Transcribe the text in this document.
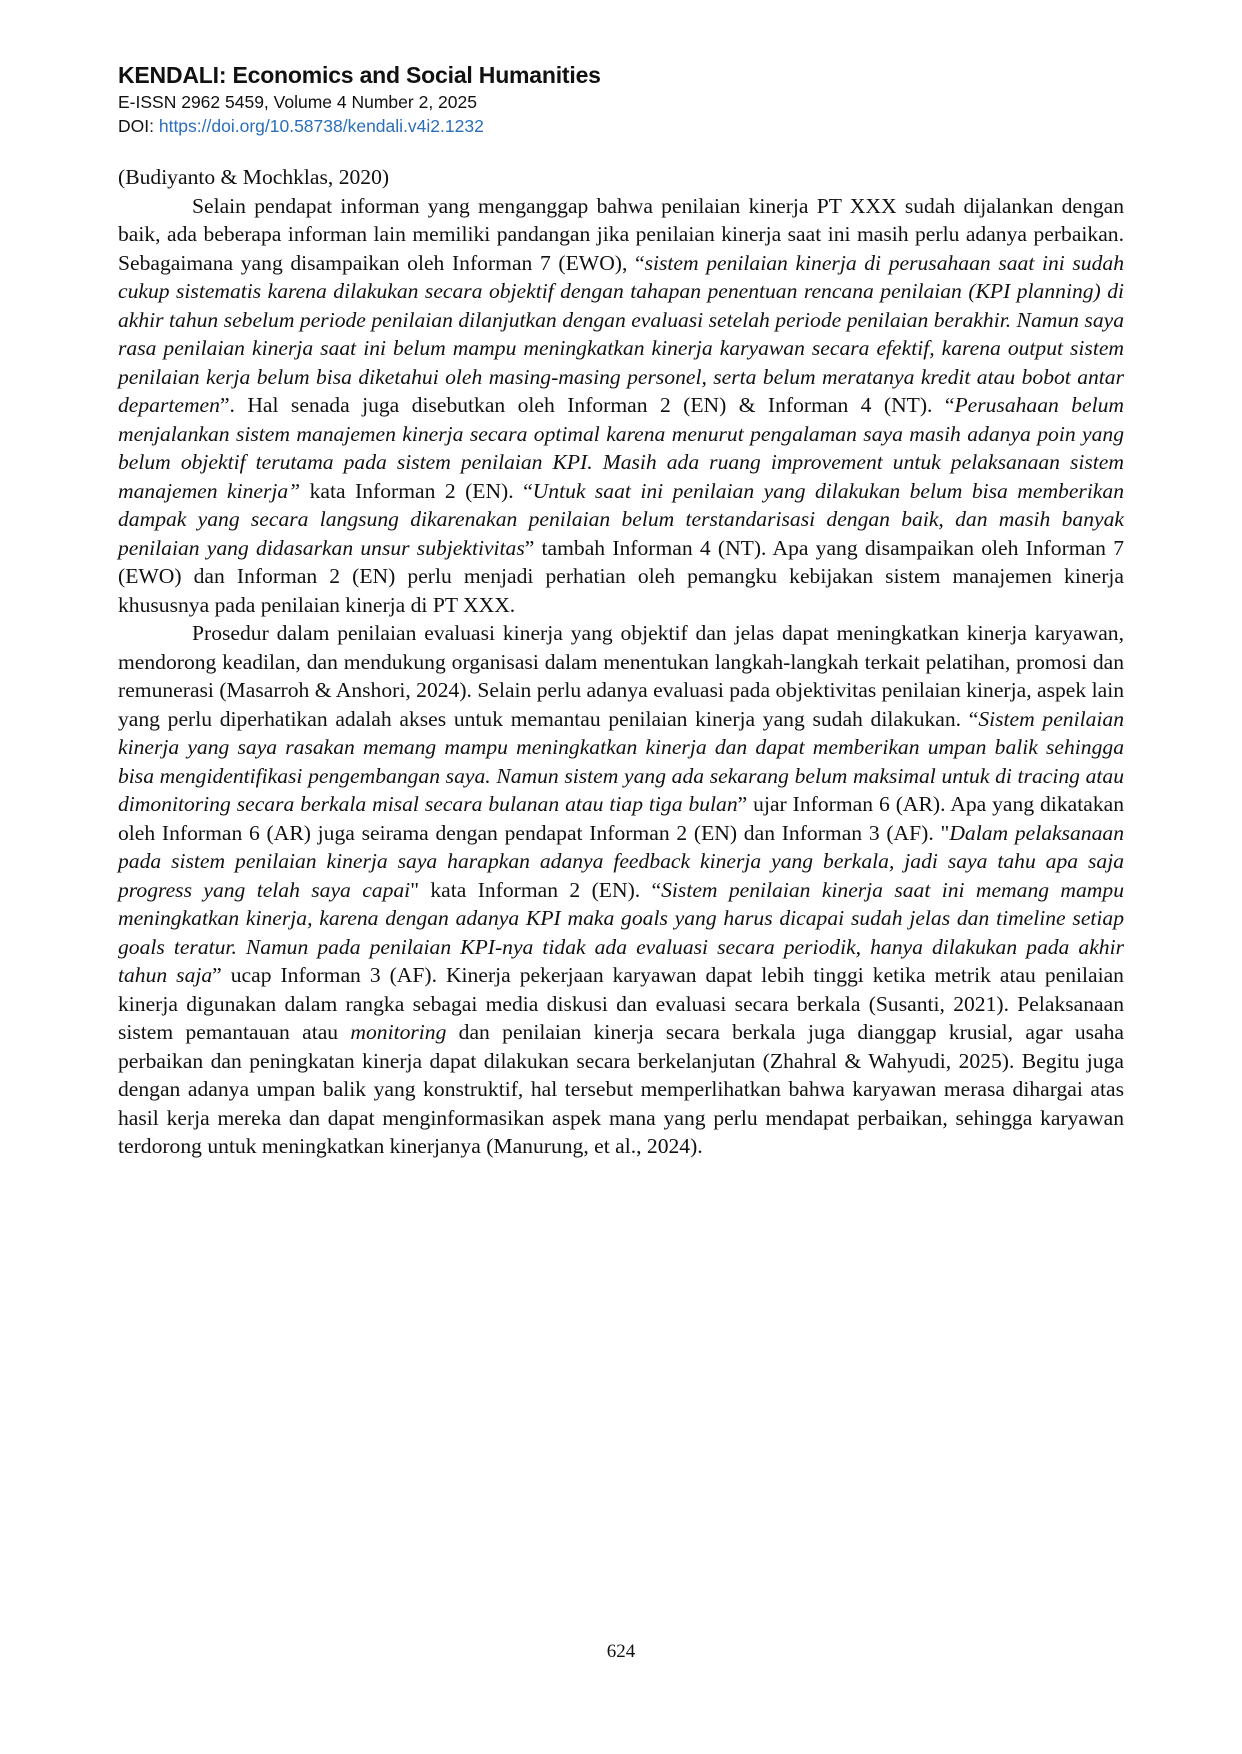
KENDALI: Economics and Social Humanities
E-ISSN 2962 5459, Volume 4 Number 2, 2025
DOI: https://doi.org/10.58738/kendali.v4i2.1232

(Budiyanto & Mochklas, 2020)

Selain pendapat informan yang menganggap bahwa penilaian kinerja PT XXX sudah dijalankan dengan baik, ada beberapa informan lain memiliki pandangan jika penilaian kinerja saat ini masih perlu adanya perbaikan. Sebagaimana yang disampaikan oleh Informan 7 (EWO), “sistem penilaian kinerja di perusahaan saat ini sudah cukup sistematis karena dilakukan secara objektif dengan tahapan penentuan rencana penilaian (KPI planning) di akhir tahun sebelum periode penilaian dilanjutkan dengan evaluasi setelah periode penilaian berakhir. Namun saya rasa penilaian kinerja saat ini belum mampu meningkatkan kinerja karyawan secara efektif, karena output sistem penilaian kerja belum bisa diketahui oleh masing-masing personel, serta belum meratanya kredit atau bobot antar departemen”. Hal senada juga disebutkan oleh Informan 2 (EN) & Informan 4 (NT). “Perusahaan belum menjalankan sistem manajemen kinerja secara optimal karena menurut pengalaman saya masih adanya poin yang belum objektif terutama pada sistem penilaian KPI. Masih ada ruang improvement untuk pelaksanaan sistem manajemen kinerja” kata Informan 2 (EN). “Untuk saat ini penilaian yang dilakukan belum bisa memberikan dampak yang secara langsung dikarenakan penilaian belum terstandarisasi dengan baik, dan masih banyak penilaian yang didasarkan unsur subjektivitas” tambah Informan 4 (NT). Apa yang disampaikan oleh Informan 7 (EWO) dan Informan 2 (EN) perlu menjadi perhatian oleh pemangku kebijakan sistem manajemen kinerja khususnya pada penilaian kinerja di PT XXX.

Prosedur dalam penilaian evaluasi kinerja yang objektif dan jelas dapat meningkatkan kinerja karyawan, mendorong keadilan, dan mendukung organisasi dalam menentukan langkah-langkah terkait pelatihan, promosi dan remunerasi (Masarroh & Anshori, 2024). Selain perlu adanya evaluasi pada objektivitas penilaian kinerja, aspek lain yang perlu diperhatikan adalah akses untuk memantau penilaian kinerja yang sudah dilakukan. “Sistem penilaian kinerja yang saya rasakan memang mampu meningkatkan kinerja dan dapat memberikan umpan balik sehingga bisa mengidentifikasi pengembangan saya. Namun sistem yang ada sekarang belum maksimal untuk di tracing atau dimonitoring secara berkala misal secara bulanan atau tiap tiga bulan” ujar Informan 6 (AR). Apa yang dikatakan oleh Informan 6 (AR) juga seirama dengan pendapat Informan 2 (EN) dan Informan 3 (AF). "Dalam pelaksanaan pada sistem penilaian kinerja saya harapkan adanya feedback kinerja yang berkala, jadi saya tahu apa saja progress yang telah saya capai" kata Informan 2 (EN). “Sistem penilaian kinerja saat ini memang mampu meningkatkan kinerja, karena dengan adanya KPI maka goals yang harus dicapai sudah jelas dan timeline setiap goals teratur. Namun pada penilaian KPI-nya tidak ada evaluasi secara periodik, hanya dilakukan pada akhir tahun saja” ucap Informan 3 (AF). Kinerja pekerjaan karyawan dapat lebih tinggi ketika metrik atau penilaian kinerja digunakan dalam rangka sebagai media diskusi dan evaluasi secara berkala (Susanti, 2021). Pelaksanaan sistem pemantauan atau monitoring dan penilaian kinerja secara berkala juga dianggap krusial, agar usaha perbaikan dan peningkatan kinerja dapat dilakukan secara berkelanjutan (Zhahral & Wahyudi, 2025). Begitu juga dengan adanya umpan balik yang konstruktif, hal tersebut memperlihatkan bahwa karyawan merasa dihargai atas hasil kerja mereka dan dapat menginformasikan aspek mana yang perlu mendapat perbaikan, sehingga karyawan terdorong untuk meningkatkan kinerjanya (Manurung, et al., 2024).

624
